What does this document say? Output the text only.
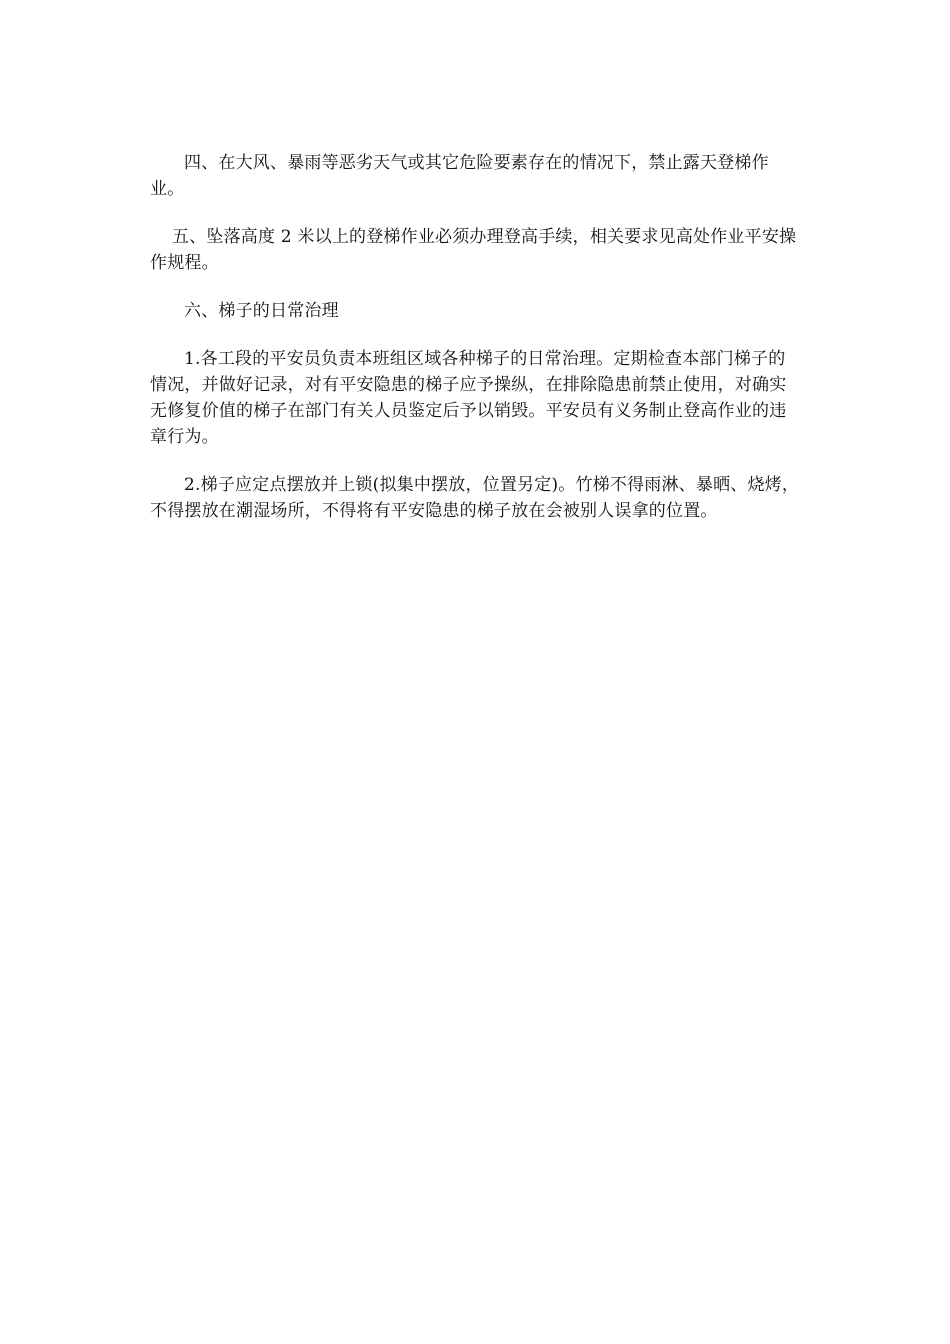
四、在大风、暴雨等恶劣天气或其它危险要素存在的情况下，禁止露天登梯作业。

五、坠落高度 2 米以上的登梯作业必须办理登高手续，相关要求见高处作业平安操作规程。

六、梯子的日常治理

1.各工段的平安员负责本班组区域各种梯子的日常治理。定期检查本部门梯子的情况，并做好记录，对有平安隐患的梯子应予操纵，在排除隐患前禁止使用，对确实无修复价值的梯子在部门有关人员鉴定后予以销毁。平安员有义务制止登高作业的违章行为。

2.梯子应定点摆放并上锁(拟集中摆放，位置另定)。竹梯不得雨淋、暴晒、烧烤，不得摆放在潮湿场所，不得将有平安隐患的梯子放在会被别人误拿的位置。
